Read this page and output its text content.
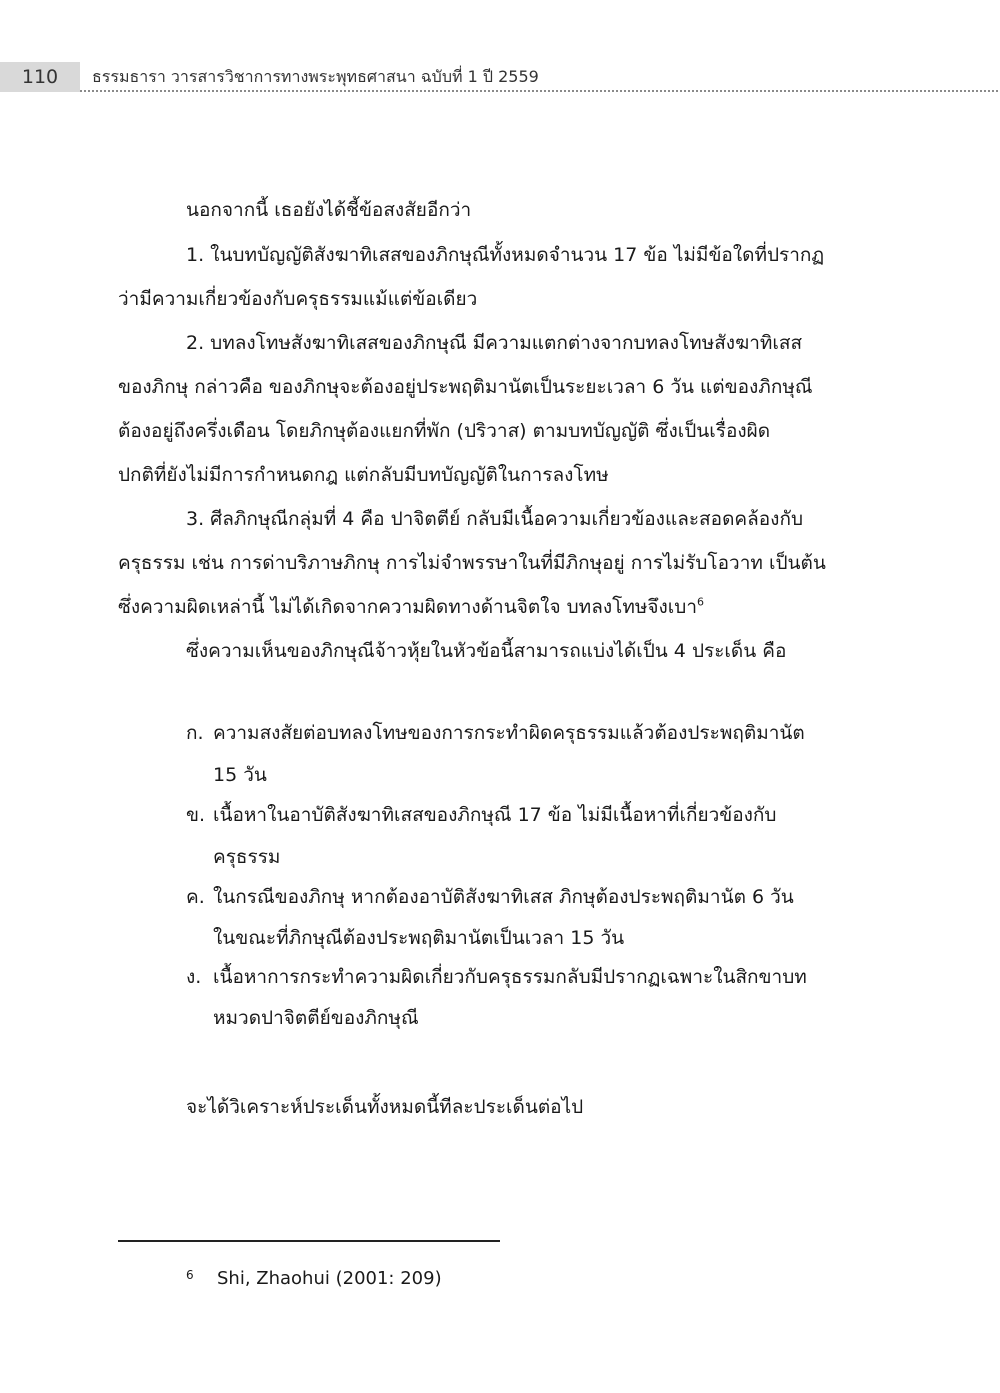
110	ธรรมธารา วารสารวิชาการทางพระพุทธศาสนา ฉบับที่ 1 ปี 2559
นอกจากนี้ เธอยังได้ชี้ข้อสงสัยอีกว่า
1. ในบทบัญญัติสังฆาทิเสสของภิกษุณีทั้งหมดจำนวน 17 ข้อ ไม่มีข้อใดที่ปรากฏ
ว่ามีความเกี่ยวข้องกับครุธรรมแม้แต่ข้อเดียว
2. บทลงโทษสังฆาทิเสสของภิกษุณี มีความแตกต่างจากบทลงโทษสังฆาทิเสส
ของภิกษุ กล่าวคือ ของภิกษุจะต้องอยู่ประพฤติมานัตเป็นระยะเวลา 6 วัน แต่ของภิกษุณี
ต้องอยู่ถึงครึ่งเดือน โดยภิกษุต้องแยกที่พัก (ปริวาส) ตามบทบัญญัติ ซึ่งเป็นเรื่องผิด
ปกติที่ยังไม่มีการกำหนดกฎ แต่กลับมีบทบัญญัติในการลงโทษ
3. ศีลภิกษุณีกลุ่มที่ 4 คือ ปาจิตตีย์ กลับมีเนื้อความเกี่ยวข้องและสอดคล้องกับ
ครุธรรม เช่น การด่าบริภาษภิกษุ การไม่จำพรรษาในที่มีภิกษุอยู่ การไม่รับโอวาท เป็นต้น
ซึ่งความผิดเหล่านี้ ไม่ได้เกิดจากความผิดทางด้านจิตใจ บทลงโทษจึงเบา$^6$
ซึ่งความเห็นของภิกษุณีจ้าวหุ้ยในหัวข้อนี้สามารถแบ่งได้เป็น 4 ประเด็น คือ
ก. ความสงสัยต่อบทลงโทษของการกระทำผิดครุธรรมแล้วต้องประพฤติมานัต
15 วัน
ข. เนื้อหาในอาบัติสังฆาทิเสสของภิกษุณี 17 ข้อ ไม่มีเนื้อหาที่เกี่ยวข้องกับ
ครุธรรม
ค. ในกรณีของภิกษุ หากต้องอาบัติสังฆาทิเสส ภิกษุต้องประพฤติมานัต 6 วัน
ในขณะที่ภิกษุณีต้องประพฤติมานัตเป็นเวลา 15 วัน
ง. เนื้อหาการกระทำความผิดเกี่ยวกับครุธรรมกลับมีปรากฏเฉพาะในสิกขาบท
หมวดปาจิตตีย์ของภิกษุณี
จะได้วิเคราะห์ประเด็นทั้งหมดนี้ทีละประเด็นต่อไป
6 Shi, Zhaohui (2001: 209)
